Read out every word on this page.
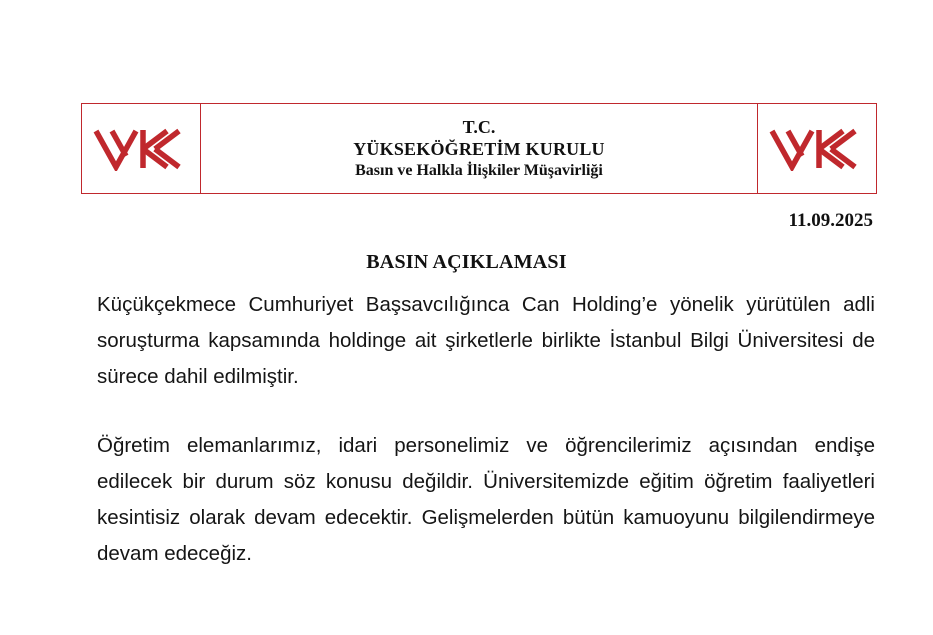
T.C.
YÜKSEKÖĞRETİM KURULU
Basın ve Halkla İlişkiler Müşavirliği
11.09.2025
BASIN AÇIKLAMASI
Küçükçekmece Cumhuriyet Başsavcılığınca Can Holding’e yönelik yürütülen adli soruşturma kapsamında holdinge ait şirketlerle birlikte İstanbul Bilgi Üniversitesi de sürece dahil edilmiştir.
Öğretim elemanlarımız, idari personelimiz ve öğrencilerimiz açısından endişe edilecek bir durum söz konusu değildir. Üniversitemizde eğitim öğretim faaliyetleri kesintisiz olarak devam edecektir. Gelişmelerden bütün kamuoyunu bilgilendirmeye devam edeceğiz.
